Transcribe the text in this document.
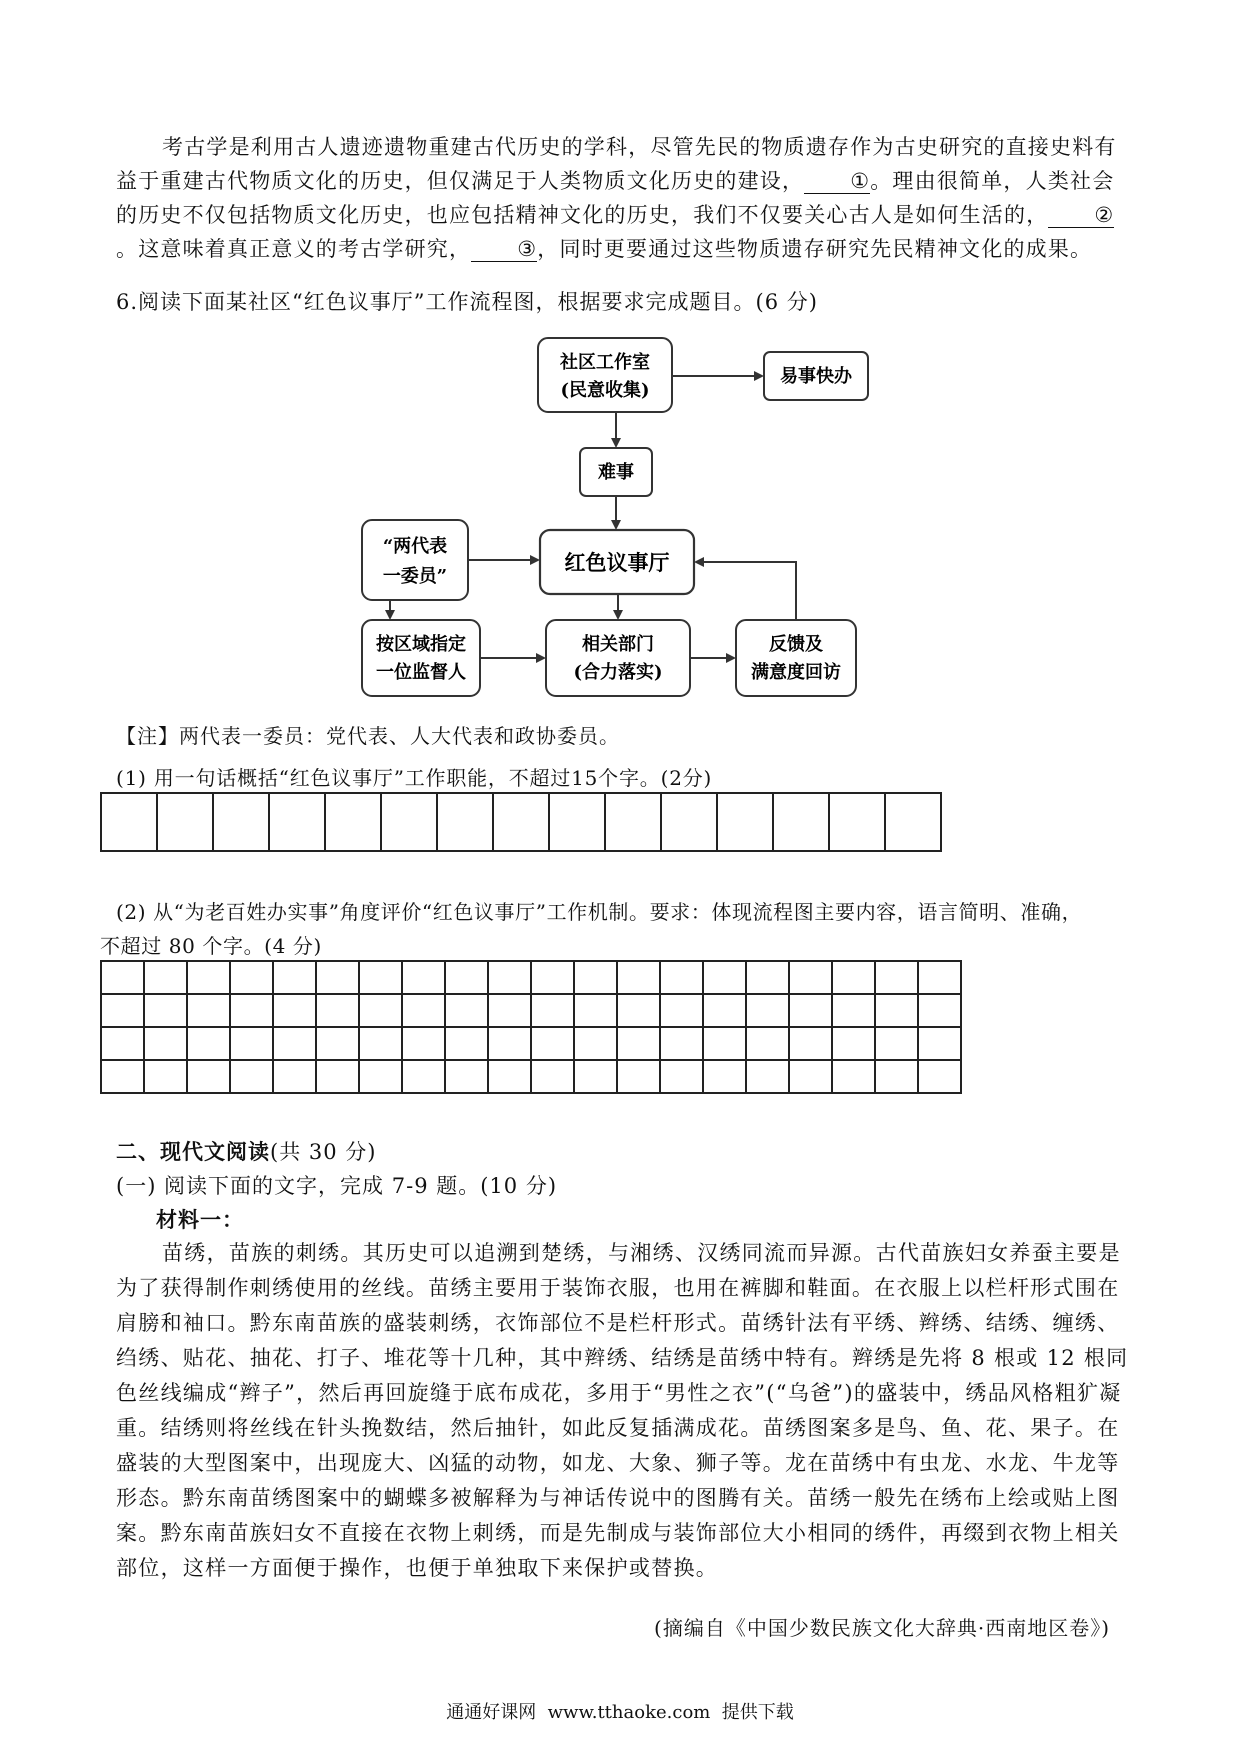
考古学是利用古人遗迹遗物重建古代历史的学科，尽管先民的物质遗存作为古史研究的直接史料有益于重建古代物质文化的历史，但仅满足于人类物质文化历史的建设， ①。理由很简单，人类社会的历史不仅包括物质文化历史，也应包括精神文化的历史，我们不仅要关心古人是如何生活的， ②。这意味着真正意义的考古学研究， ③，同时更要通过这些物质遗存研究先民精神文化的成果。
6.阅读下面某社区“红色议事厅”工作流程图，根据要求完成题目。(6 分)
社区工作室
(民意收集)
易事快办
难事
红色议事厅
“两代表
一委员”
按区域指定
一位监督人
相关部门
(合力落实)
反馈及
满意度回访
【注】两代表一委员：党代表、人大代表和政协委员。
(1) 用一句话概括“红色议事厅”工作职能，不超过15个字。(2分)

(2) 从“为老百姓办实事”角度评价“红色议事厅”工作机制。要求：体现流程图主要内容，语言简明、准确，
不超过 80 个字。(4 分)

二、现代文阅读(共 30 分)
(一) 阅读下面的文字，完成 7-9 题。(10 分)
材料一：
苗绣，苗族的刺绣。其历史可以追溯到楚绣，与湘绣、汉绣同流而异源。古代苗族妇女养蚕主要是为了获得制作刺绣使用的丝线。苗绣主要用于装饰衣服，也用在裤脚和鞋面。在衣服上以栏杆形式围在肩膀和袖口。黔东南苗族的盛装刺绣，衣饰部位不是栏杆形式。苗绣针法有平绣、辫绣、结绣、缠绣、绉绣、贴花、抽花、打子、堆花等十几种，其中辫绣、结绣是苗绣中特有。辫绣是先将 8 根或 12 根同色丝线编成“辫子”，然后再回旋缝于底布成花，多用于“男性之衣”(“乌爸”)的盛装中，绣品风格粗犷凝重。结绣则将丝线在针头挽数结，然后抽针，如此反复插满成花。苗绣图案多是鸟、鱼、花、果子。在盛装的大型图案中，出现庞大、凶猛的动物，如龙、大象、狮子等。龙在苗绣中有虫龙、水龙、牛龙等形态。黔东南苗绣图案中的蝴蝶多被解释为与神话传说中的图腾有关。苗绣一般先在绣布上绘或贴上图案。黔东南苗族妇女不直接在衣物上刺绣，而是先制成与装饰部位大小相同的绣件，再缀到衣物上相关部位，这样一方面便于操作，也便于单独取下来保护或替换。
(摘编自《中国少数民族文化大辞典·西南地区卷》)
通通好课网  www.tthaoke.com  提供下载
